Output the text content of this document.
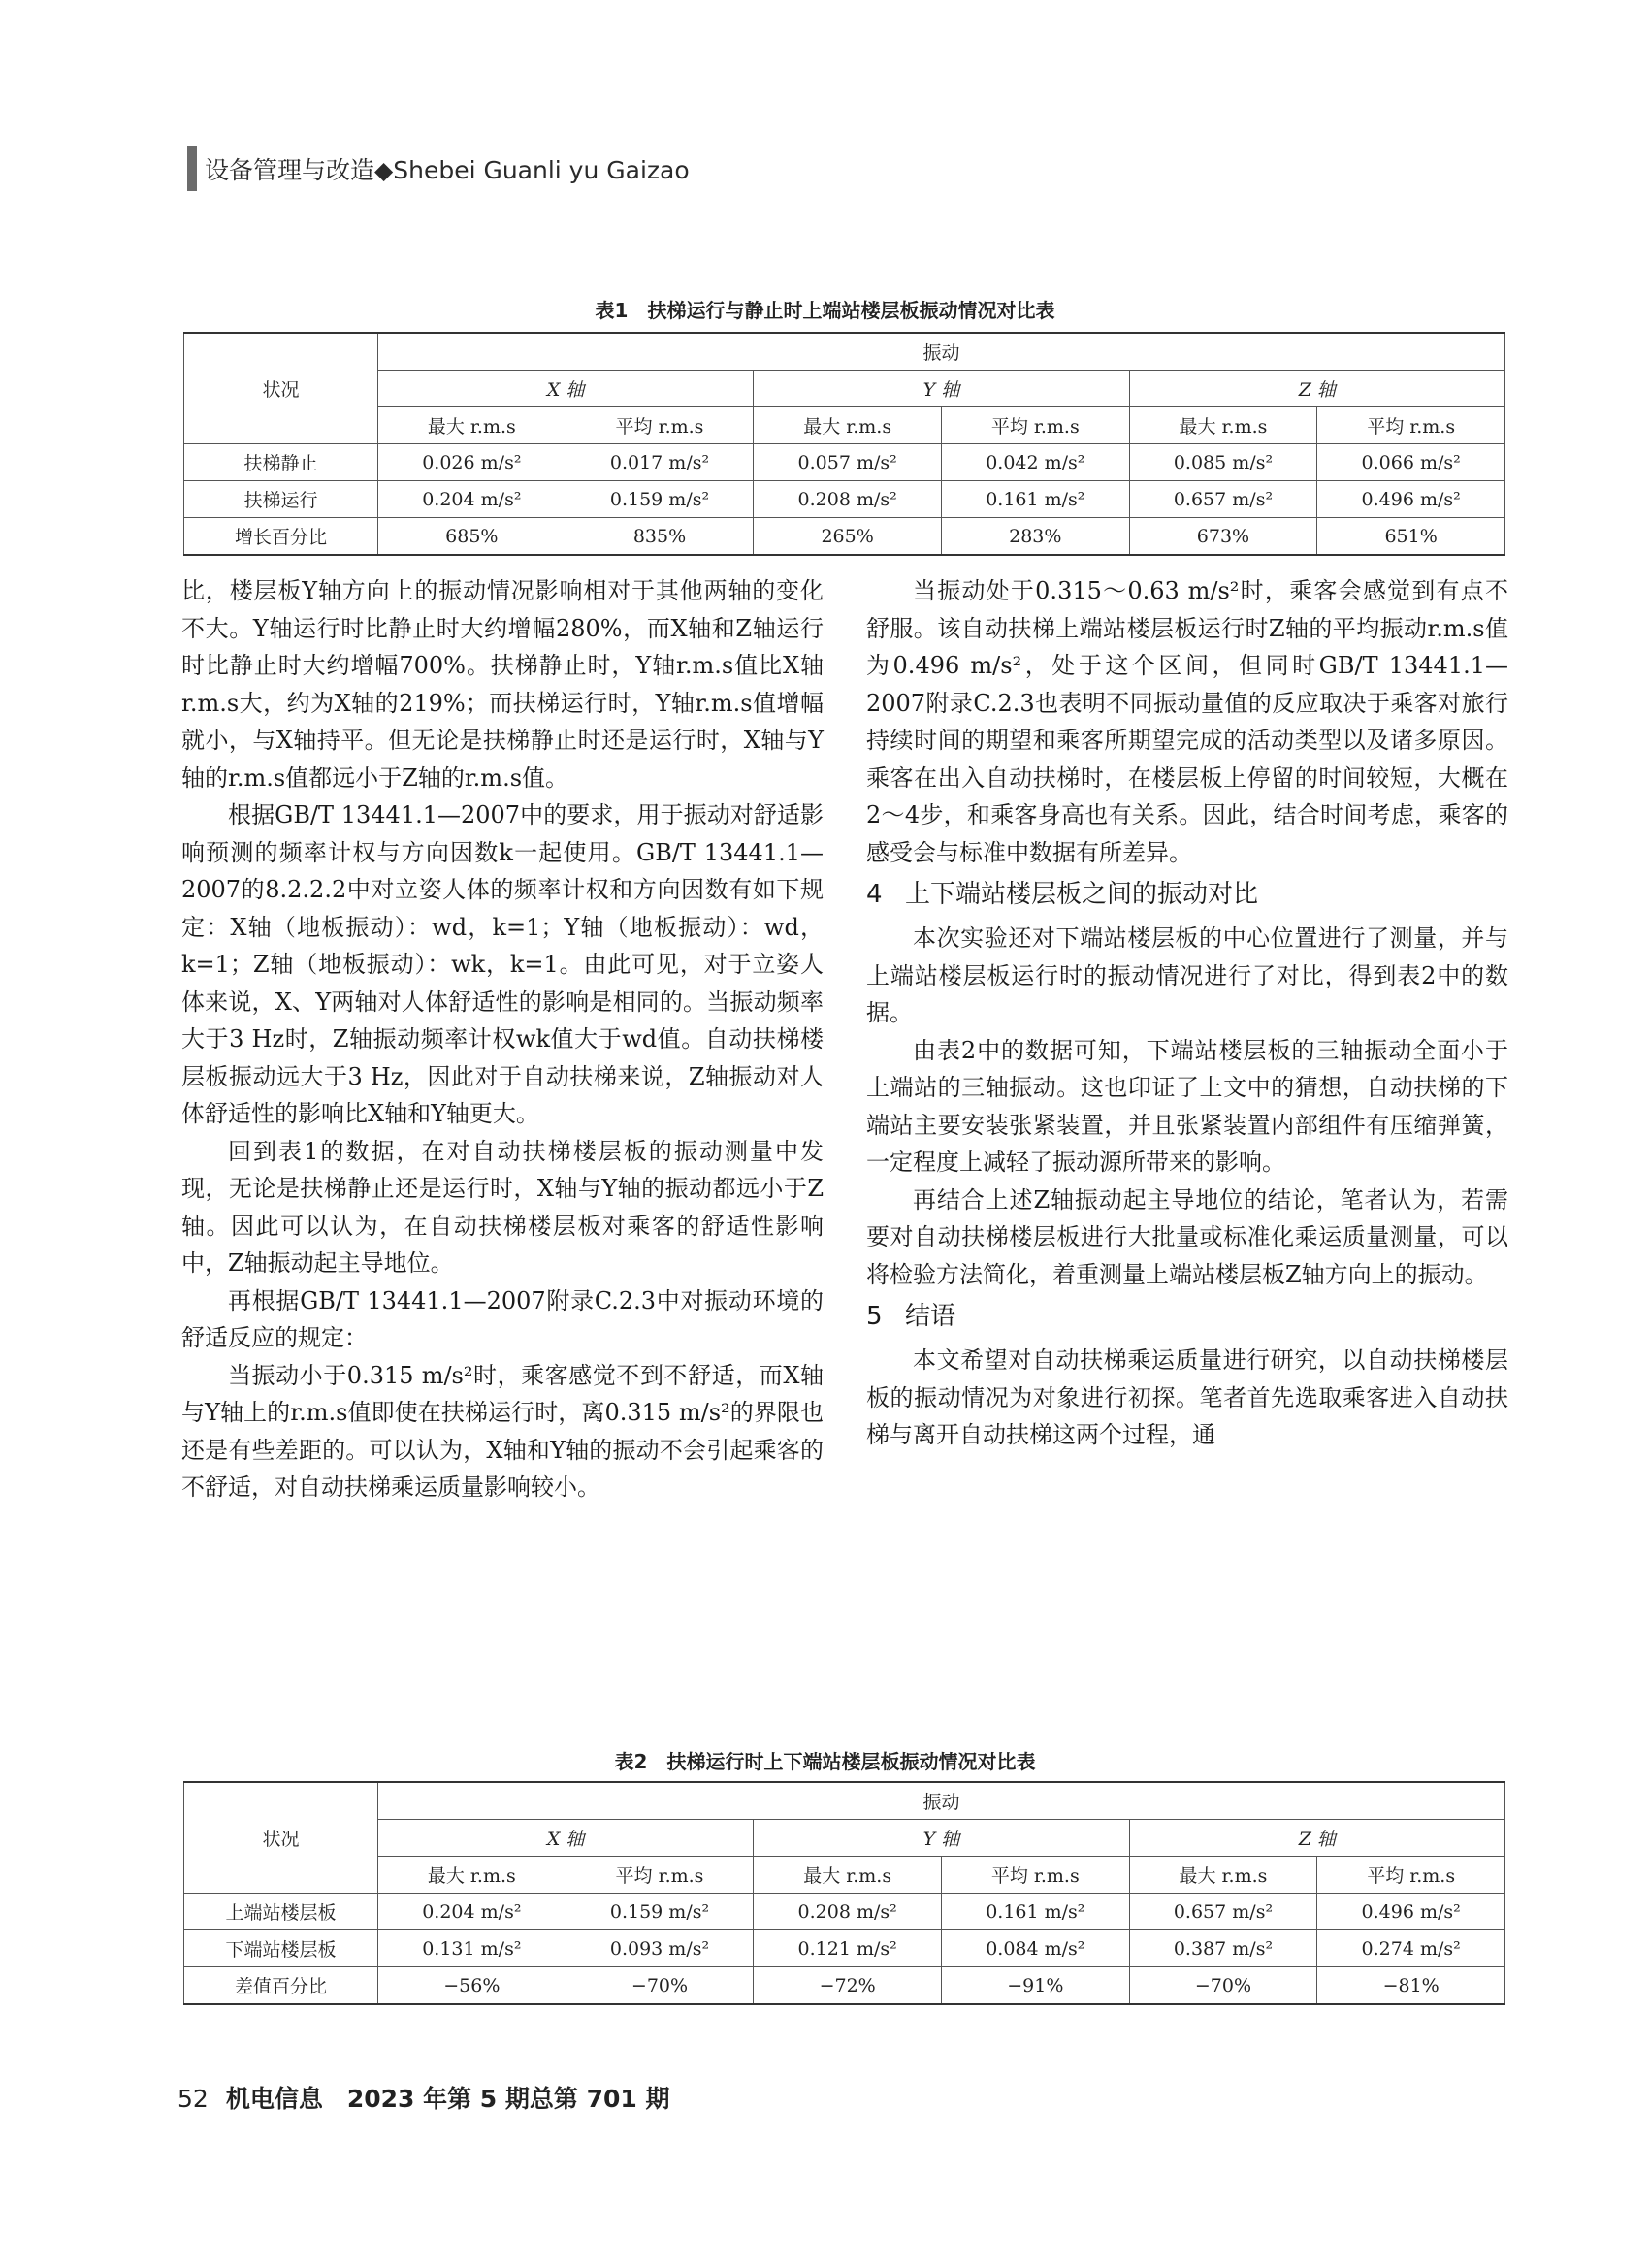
设备管理与改造◆Shebei Guanli yu Gaizao
表1　扶梯运行与静止时上端站楼层板振动情况对比表
状况	振动					
	X 轴		Y 轴		Z 轴	
	最大 r.m.s	平均 r.m.s	最大 r.m.s	平均 r.m.s	最大 r.m.s	平均 r.m.s
扶梯静止	0.026 m/s²	0.017 m/s²	0.057 m/s²	0.042 m/s²	0.085 m/s²	0.066 m/s²
扶梯运行	0.204 m/s²	0.159 m/s²	0.208 m/s²	0.161 m/s²	0.657 m/s²	0.496 m/s²
增长百分比	685%	835%	265%	283%	673%	651%

比，楼层板Y轴方向上的振动情况影响相对于其他两轴的变化不大。Y轴运行时比静止时大约增幅280%，而X轴和Z轴运行时比静止时大约增幅700%。扶梯静止时，Y轴r.m.s值比X轴r.m.s大，约为X轴的219%；而扶梯运行时，Y轴r.m.s值增幅就小，与X轴持平。但无论是扶梯静止时还是运行时，X轴与Y轴的r.m.s值都远小于Z轴的r.m.s值。

根据GB/T 13441.1—2007中的要求，用于振动对舒适影响预测的频率计权与方向因数k一起使用。GB/T 13441.1—2007的8.2.2.2中对立姿人体的频率计权和方向因数有如下规定：X轴（地板振动）：wd，k=1；Y轴（地板振动）：wd，k=1；Z轴（地板振动）：wk，k=1。由此可见，对于立姿人体来说，X、Y两轴对人体舒适性的影响是相同的。当振动频率大于3 Hz时，Z轴振动频率计权wk值大于wd值。自动扶梯楼层板振动远大于3 Hz，因此对于自动扶梯来说，Z轴振动对人体舒适性的影响比X轴和Y轴更大。

回到表1的数据，在对自动扶梯楼层板的振动测量中发现，无论是扶梯静止还是运行时，X轴与Y轴的振动都远小于Z轴。因此可以认为，在自动扶梯楼层板对乘客的舒适性影响中，Z轴振动起主导地位。

再根据GB/T 13441.1—2007附录C.2.3中对振动环境的舒适反应的规定：

当振动小于0.315 m/s²时，乘客感觉不到不舒适，而X轴与Y轴上的r.m.s值即使在扶梯运行时，离0.315 m/s²的界限也还是有些差距的。可以认为，X轴和Y轴的振动不会引起乘客的不舒适，对自动扶梯乘运质量影响较小。

当振动处于0.315～0.63 m/s²时，乘客会感觉到有点不舒服。该自动扶梯上端站楼层板运行时Z轴的平均振动r.m.s值为0.496 m/s²，处于这个区间，但同时GB/T 13441.1—2007附录C.2.3也表明不同振动量值的反应取决于乘客对旅行持续时间的期望和乘客所期望完成的活动类型以及诸多原因。乘客在出入自动扶梯时，在楼层板上停留的时间较短，大概在2～4步，和乘客身高也有关系。因此，结合时间考虑，乘客的感受会与标准中数据有所差异。

4 上下端站楼层板之间的振动对比

本次实验还对下端站楼层板的中心位置进行了测量，并与上端站楼层板运行时的振动情况进行了对比，得到表2中的数据。

由表2中的数据可知，下端站楼层板的三轴振动全面小于上端站的三轴振动。这也印证了上文中的猜想，自动扶梯的下端站主要安装张紧装置，并且张紧装置内部组件有压缩弹簧，一定程度上减轻了振动源所带来的影响。

再结合上述Z轴振动起主导地位的结论，笔者认为，若需要对自动扶梯楼层板进行大批量或标准化乘运质量测量，可以将检验方法简化，着重测量上端站楼层板Z轴方向上的振动。

5 结语

本文希望对自动扶梯乘运质量进行研究，以自动扶梯楼层板的振动情况为对象进行初探。笔者首先选取乘客进入自动扶梯与离开自动扶梯这两个过程，通

表2　扶梯运行时上下端站楼层板振动情况对比表
状况	振动					
	X 轴		Y 轴		Z 轴	
	最大 r.m.s	平均 r.m.s	最大 r.m.s	平均 r.m.s	最大 r.m.s	平均 r.m.s
上端站楼层板	0.204 m/s²	0.159 m/s²	0.208 m/s²	0.161 m/s²	0.657 m/s²	0.496 m/s²
下端站楼层板	0.131 m/s²	0.093 m/s²	0.121 m/s²	0.084 m/s²	0.387 m/s²	0.274 m/s²
差值百分比	−56%	−70%	−72%	−91%	−70%	−81%
52 机电信息　2023 年第 5 期总第 701 期
